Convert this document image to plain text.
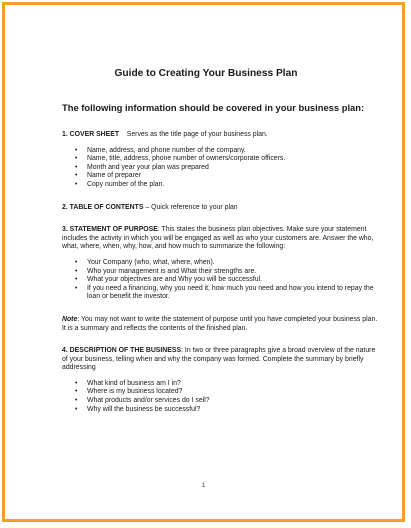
Guide to Creating Your Business Plan
The following information should be covered in your business plan:

1. COVER SHEET Serves as the title page of your business plan.

• Name, address, and phone number of the company.
• Name, title, address, phone number of owners/corporate officers.
• Month and year your plan was prepared
• Name of preparer
• Copy number of the plan.

2. TABLE OF CONTENTS – Quick reference to your plan

3. STATEMENT OF PURPOSE: This states the business plan objectives. Make sure your statement includes the activity in which you will be engaged as well as who your customers are. Answer the who, what, where, when, why, how, and how much to summarize the following:

• Your Company (who, what, where, when).
• Who your management is and What their strengths are.
• What your objectives are and Why you will be successful.
• If you need a financing, why you need it, how much you need and how you intend to repay the loan or benefit the investor.

Note: You may not want to write the statement of purpose until you have completed your business plan. It is a summary and reflects the contents of the finished plan.

4. DESCRIPTION OF THE BUSINESS: In two or three paragraphs give a broad overview of the nature of your business, telling when and why the company was formed. Complete the summary by briefly addressing

• What kind of business am I in?
• Where is my business located?
• What products and/or services do I sell?
• Why will the business be successful?
1
